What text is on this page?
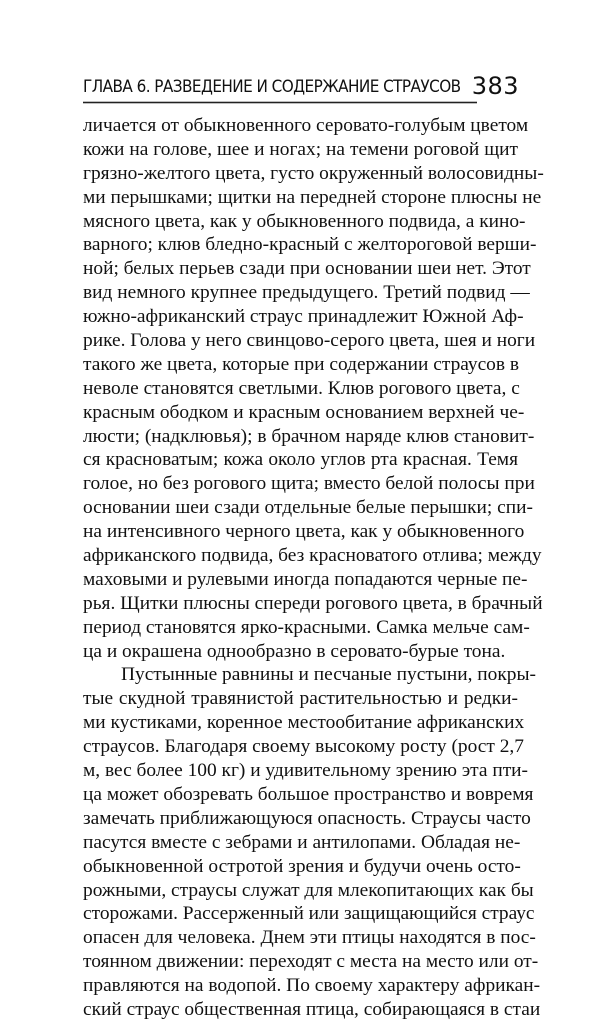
ГЛАВА 6. РАЗВЕДЕНИЕ И СОДЕРЖАНИЕ СТРАУСОВ 383
личается от обыкновенного серовато-голубым цветом
кожи на голове, шее и ногах; на темени роговой щит
грязно-желтого цвета, густо окруженный волосовидны-
ми перышками; щитки на передней стороне плюсны не
мясного цвета, как у обыкновенного подвида, а кино-
варного; клюв бледно-красный с желтороговой верши-
ной; белых перьев сзади при основании шеи нет. Этот
вид немного крупнее предыдущего. Третий подвид —
южно-африканский страус принадлежит Южной Аф-
рике. Голова у него свинцово-серого цвета, шея и ноги
такого же цвета, которые при содержании страусов в
неволе становятся светлыми. Клюв рогового цвета, с
красным ободком и красным основанием верхней че-
люсти; (надклювья); в брачном наряде клюв становит-
ся красноватым; кожа около углов рта красная. Темя
голое, но без рогового щита; вместо белой полосы при
основании шеи сзади отдельные белые перышки; спи-
на интенсивного черного цвета, как у обыкновенного
африканского подвида, без красноватого отлива; между
маховыми и рулевыми иногда попадаются черные пе-
рья. Щитки плюсны спереди рогового цвета, в брачный
период становятся ярко-красными. Самка мельче сам-
ца и окрашена однообразно в серовато-бурые тона.
Пустынные равнины и песчаные пустыни, покры-
тые скудной травянистой растительностью и редки-
ми кустиками, коренное местообитание африканских
страусов. Благодаря своему высокому росту (рост 2,7
м, вес более 100 кг) и удивительному зрению эта пти-
ца может обозревать большое пространство и вовремя
замечать приближающуюся опасность. Страусы часто
пасутся вместе с зебрами и антилопами. Обладая не-
обыкновенной остротой зрения и будучи очень осто-
рожными, страусы служат для млекопитающих как бы
сторожами. Рассерженный или защищающийся страус
опасен для человека. Днем эти птицы находятся в пос-
тоянном движении: переходят с места на место или от-
правляются на водопой. По своему характеру африкан-
ский страус общественная птица, собирающаяся в стаи
